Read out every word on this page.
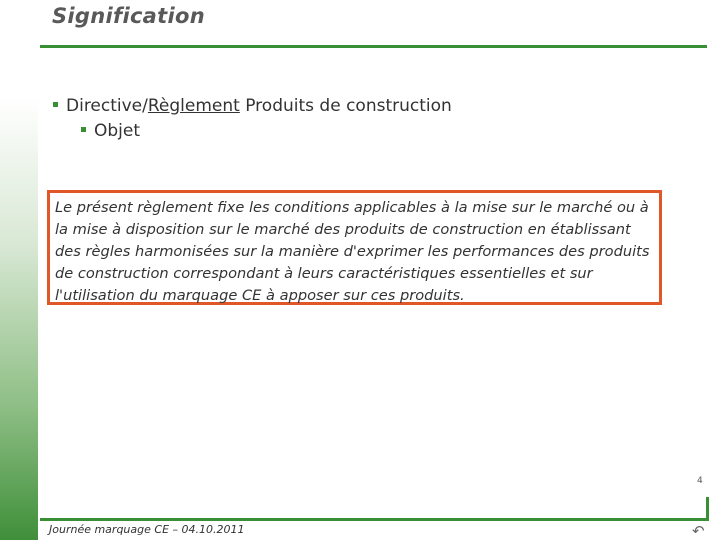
Signification
Directive/Règlement Produits de construction
Objet
Le présent règlement fixe les conditions applicables à la mise sur le marché ou à la mise à disposition sur le marché des produits de construction en établissant des règles harmonisées sur la manière d'exprimer les performances des produits de construction correspondant à leurs caractéristiques essentielles et sur l'utilisation du marquage CE à apposer sur ces produits.
4
Journée marquage CE – 04.10.2011	↶
